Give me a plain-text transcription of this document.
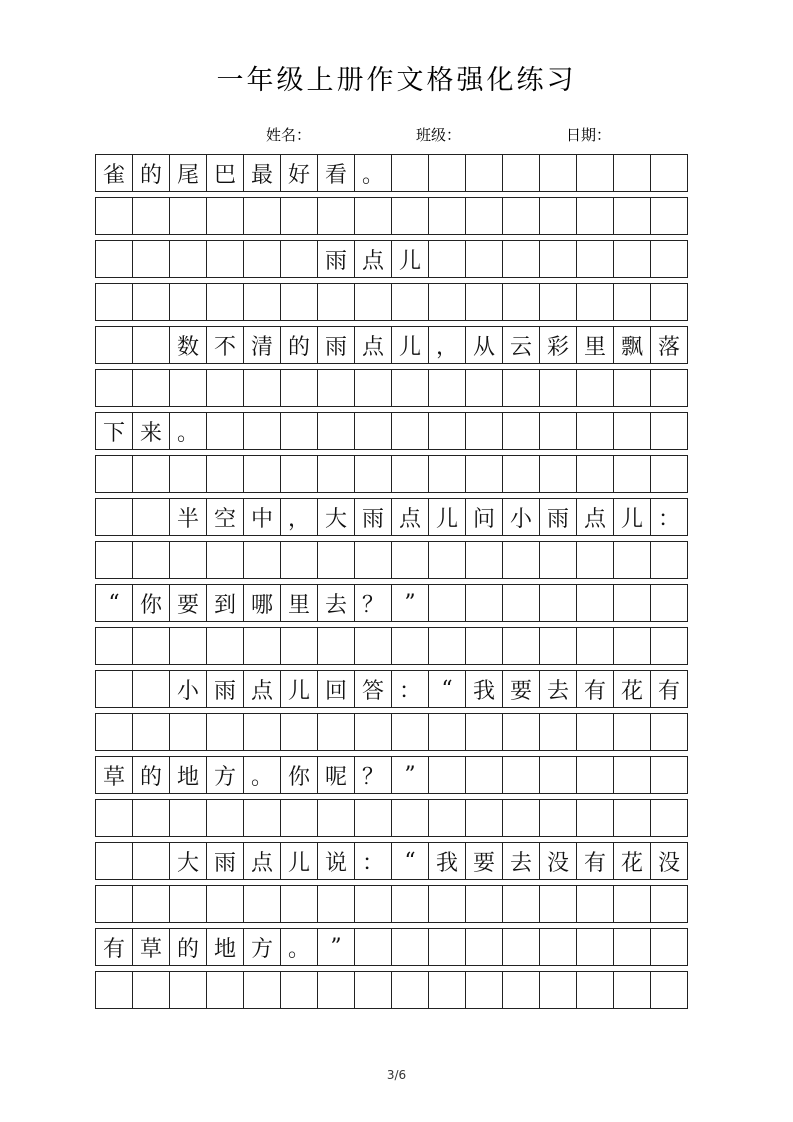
一年级上册作文格强化练习
姓名：	班级：	日期：
雀 的 尾 巴 最 好 看 。
雨 点 儿
数 不 清 的 雨 点 儿 ， 从 云 彩 里 飘 落
下 来 。
半 空 中 ， 大 雨 点 儿 问 小 雨 点 儿 ：
“ 你 要 到 哪 里 去 ？ ”
小 雨 点 儿 回 答 ： “ 我 要 去 有 花 有
草 的 地 方 。 你 呢 ？ ”
大 雨 点 儿 说 ： “ 我 要 去 没 有 花 没
有 草 的 地 方 。 ”
3/6
